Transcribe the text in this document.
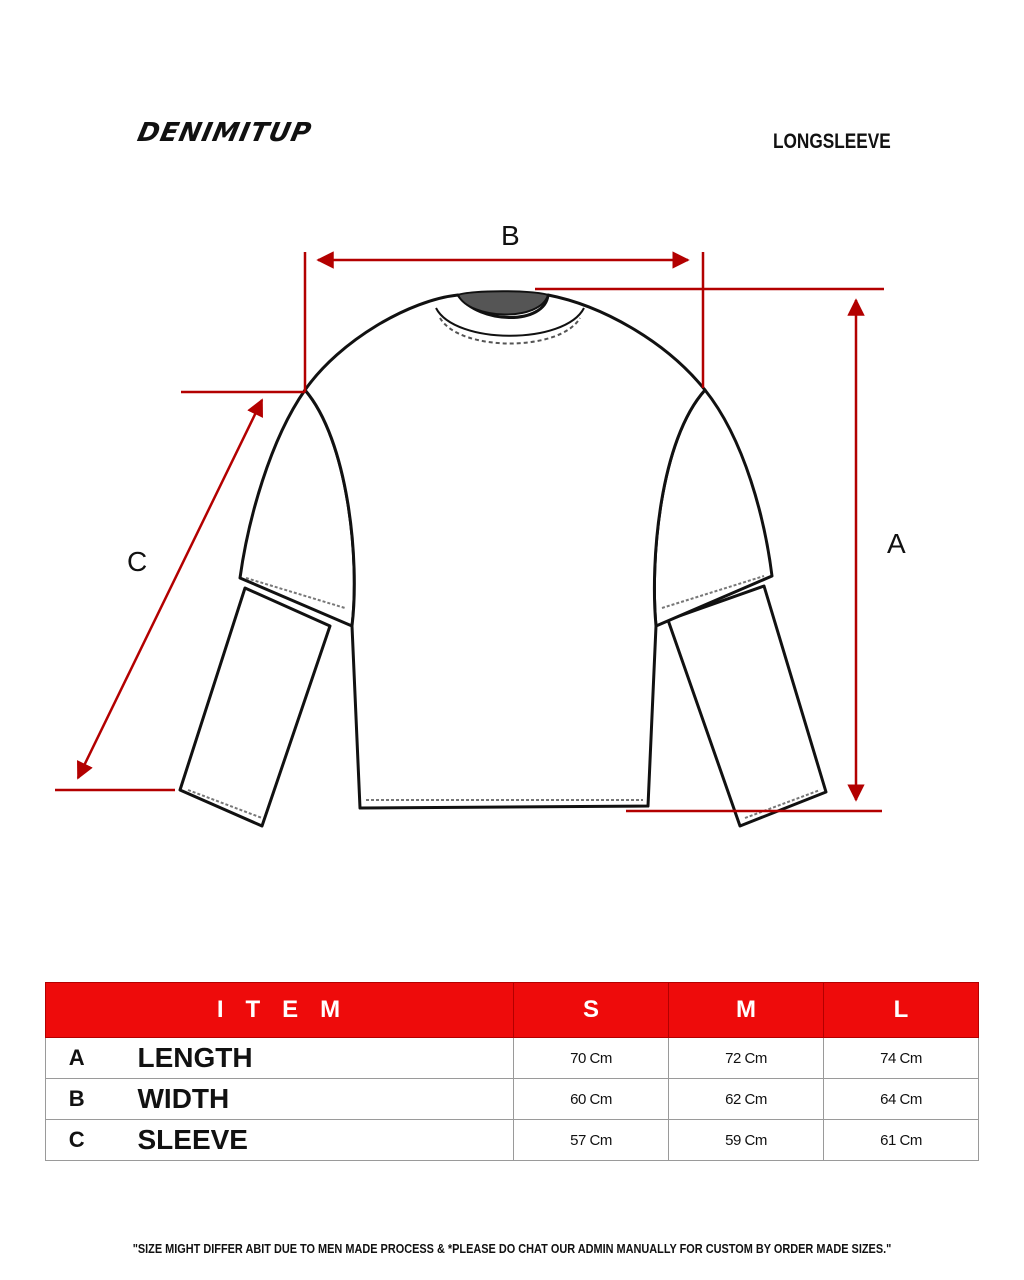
DENIMITUP	LONGSLEEVE
B
A
C
ITEM		S	M	L
A	LENGTH	70 Cm	72 Cm	74 Cm
B	WIDTH	60 Cm	62 Cm	64 Cm
C	SLEEVE	57 Cm	59 Cm	61 Cm
"SIZE MIGHT DIFFER ABIT DUE TO MEN MADE PROCESS & *PLEASE DO CHAT OUR ADMIN MANUALLY FOR CUSTOM BY ORDER MADE SIZES."
